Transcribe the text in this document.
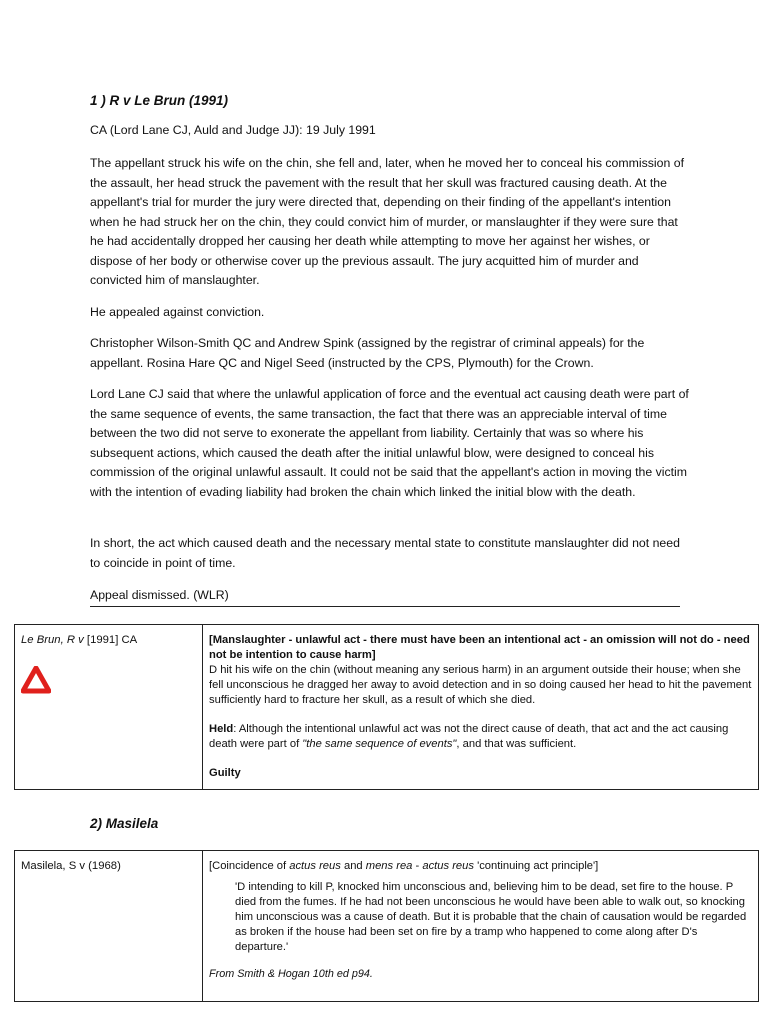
1 ) R v Le Brun (1991)

CA (Lord Lane CJ, Auld and Judge JJ): 19 July 1991

The appellant struck his wife on the chin, she fell and, later, when he moved her to conceal his commission of the assault, her head struck the pavement with the result that her skull was fractured causing death. At the appellant's trial for murder the jury were directed that, depending on their finding of the appellant's intention when he had struck her on the chin, they could convict him of murder, or manslaughter if they were sure that he had accidentally dropped her causing her death while attempting to move her against her wishes, or dispose of her body or otherwise cover up the previous assault. The jury acquitted him of murder and convicted him of manslaughter.

He appealed against conviction.

Christopher Wilson-Smith QC and Andrew Spink (assigned by the registrar of criminal appeals) for the appellant. Rosina Hare QC and Nigel Seed (instructed by the CPS, Plymouth) for the Crown.

Lord Lane CJ said that where the unlawful application of force and the eventual act causing death were part of the same sequence of events, the same transaction, the fact that there was an appreciable interval of time between the two did not serve to exonerate the appellant from liability. Certainly that was so where his subsequent actions, which caused the death after the initial unlawful blow, were designed to conceal his commission of the original unlawful assault. It could not be said that the appellant's action in moving the victim with the intention of evading liability had broken the chain which linked the initial blow with the death.

In short, the act which caused death and the necessary mental state to constitute manslaughter did not need to coincide in point of time.

Appeal dismissed. (WLR)

Le Brun, R v [1991] CA	[Manslaughter - unlawful act - there must have been an intentional act - an omission will not do - need not be intention to cause harm]

D hit his wife on the chin (without meaning any serious harm) in an argument outside their house; when she fell unconscious he dragged her away to avoid detection and in so doing caused her head to hit the pavement sufficiently hard to fracture her skull, as a result of which she died.

Held: Although the intentional unlawful act was not the direct cause of death, that act and the act causing death were part of "the same sequence of events", and that was sufficient.

Guilty

2) Masilela
Masilela, S v (1968)	[Coincidence of actus reus and mens rea - actus reus 'continuing act principle']

'D intending to kill P, knocked him unconscious and, believing him to be dead, set fire to the house. P died from the fumes. If he had not been unconscious he would have been able to walk out, so knocking him unconscious was a cause of death. But it is probable that the chain of causation would be regarded as broken if the house had been set on fire by a tramp who happened to come along after D's departure.'

From Smith & Hogan 10th ed p94.
